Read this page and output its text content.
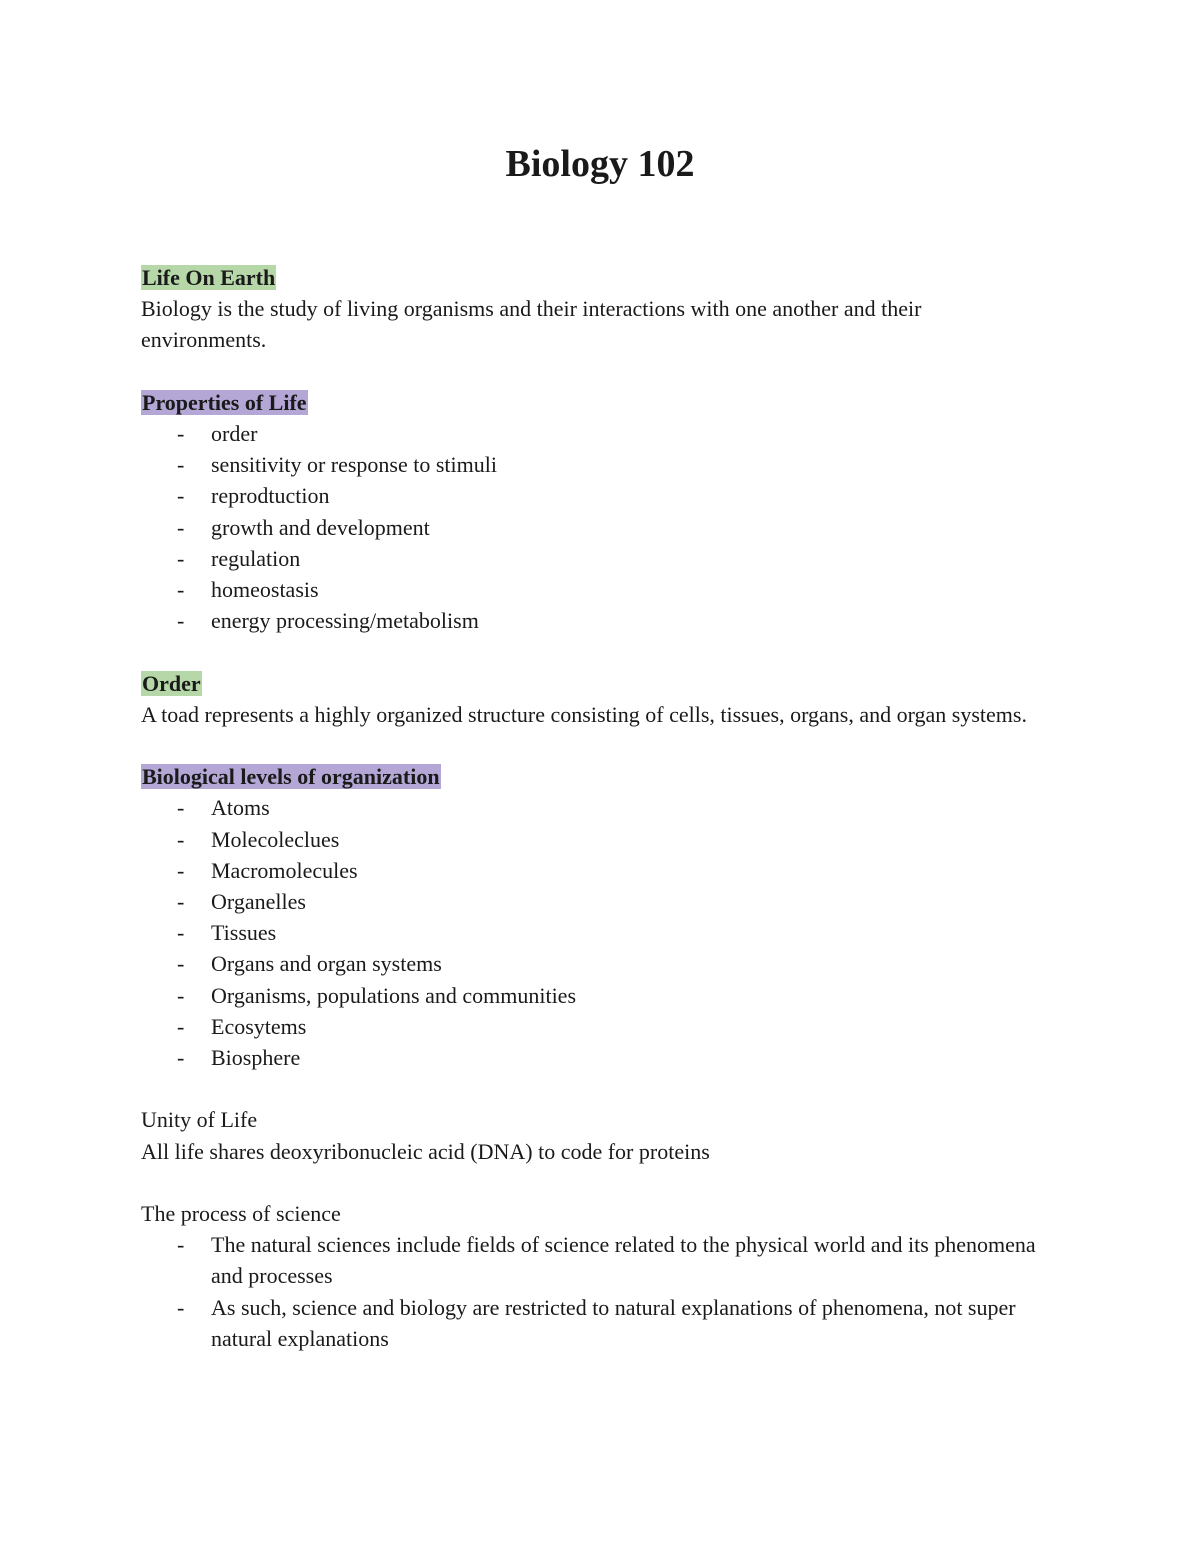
Biology 102
Life On Earth

Biology is the study of living organisms and their interactions with one another and their environments.

Properties of Life
- order
- sensitivity or response to stimuli
- reprodtuction
- growth and development
- regulation
- homeostasis
- energy processing/metabolism
Order

A toad represents a highly organized structure consisting of cells, tissues, organs, and organ systems.

Biological levels of organization
- Atoms
- Molecoleclues
- Macromolecules
- Organelles
- Tissues
- Organs and organ systems
- Organisms, populations and communities
- Ecosytems
- Biosphere

Unity of Life

All life shares deoxyribonucleic acid (DNA) to code for proteins

The process of science

- The natural sciences include fields of science related to the physical world and its phenomena and processes
- As such, science and biology are restricted to natural explanations of phenomena, not super natural explanations
